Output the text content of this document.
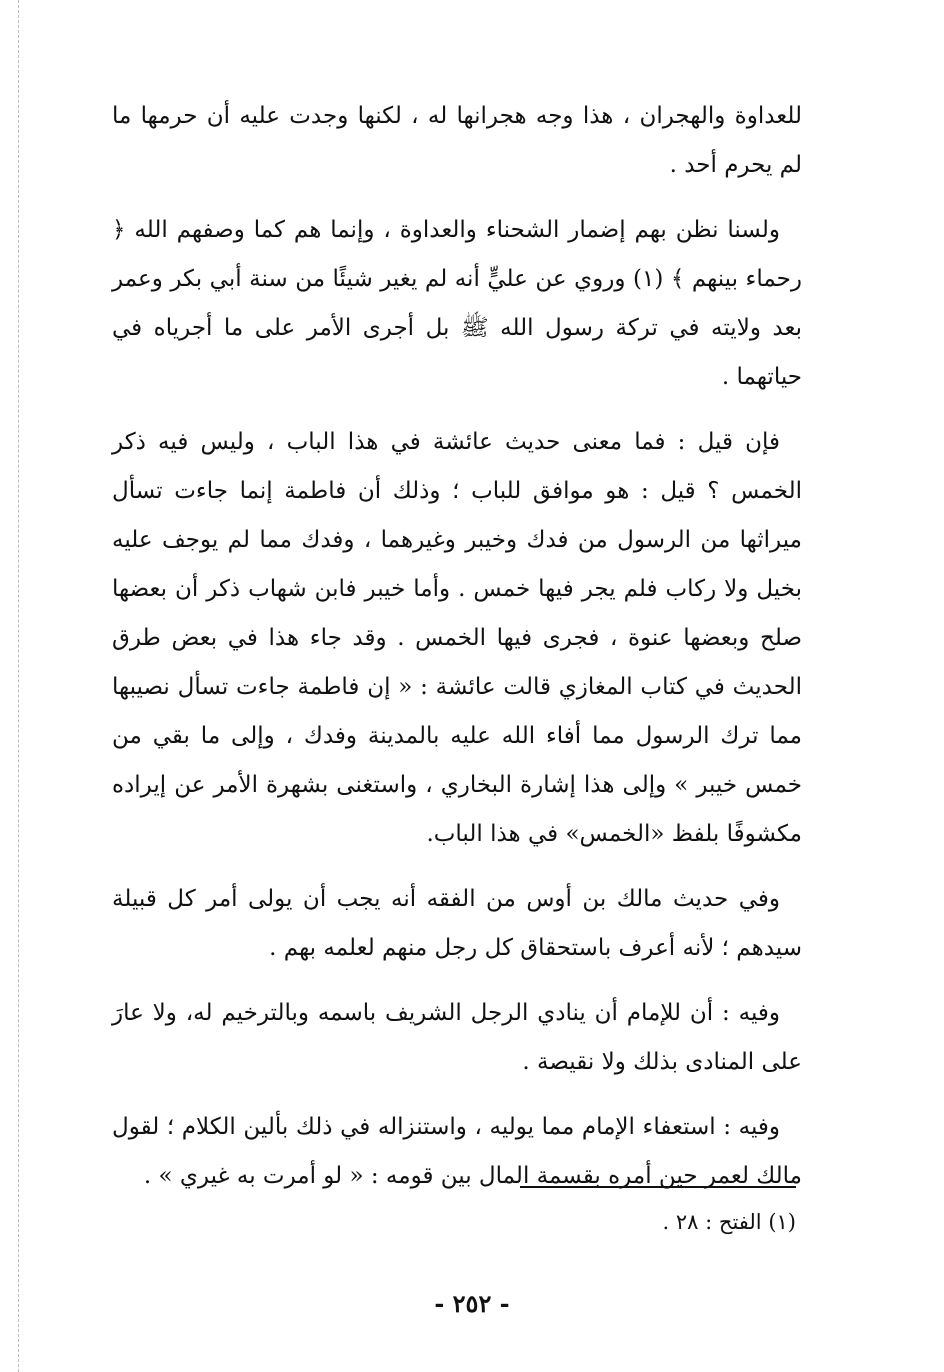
للعداوة والهجران ، هذا وجه هجرانها له ، لكنها وجدت عليه أن حرمها ما لم يحرم أحد .

ولسنا نظن بهم إضمار الشحناء والعداوة ، وإنما هم كما وصفهم الله ﴿ رحماء بينهم ﴾ (١) وروي عن عليٍّ أنه لم يغير شيئًا من سنة أبي بكر وعمر بعد ولايته في تركة رسول الله ﷺ بل أجرى الأمر على ما أجرياه في حياتهما .

فإن قيل : فما معنى حديث عائشة في هذا الباب ، وليس فيه ذكر الخمس ؟ قيل : هو موافق للباب ؛ وذلك أن فاطمة إنما جاءت تسأل ميراثها من الرسول من فدك وخيبر وغيرهما ، وفدك مما لم يوجف عليه بخيل ولا ركاب فلم يجر فيها خمس . وأما خيبر فابن شهاب ذكر أن بعضها صلح وبعضها عنوة ، فجرى فيها الخمس . وقد جاء هذا في بعض طرق الحديث في كتاب المغازي قالت عائشة : « إن فاطمة جاءت تسأل نصيبها مما ترك الرسول مما أفاء الله عليه بالمدينة وفدك ، وإلى ما بقي من خمس خيبر » وإلى هذا إشارة البخاري ، واستغنى بشهرة الأمر عن إيراده مكشوفًا بلفظ «الخمس» في هذا الباب.

وفي حديث مالك بن أوس من الفقه أنه يجب أن يولى أمر كل قبيلة سيدهم ؛ لأنه أعرف باستحقاق كل رجل منهم لعلمه بهم .

وفيه : أن للإمام أن ينادي الرجل الشريف باسمه وبالترخيم له، ولا عارَ على المنادى بذلك ولا نقيصة .

وفيه : استعفاء الإمام مما يوليه ، واستنزاله في ذلك بألين الكلام ؛ لقول مالك لعمر حين أمره بقسمة المال بين قومه : « لو أمرت به غيري » .

(١) الفتح : ٢٨ .
- ٢٥٢ -
